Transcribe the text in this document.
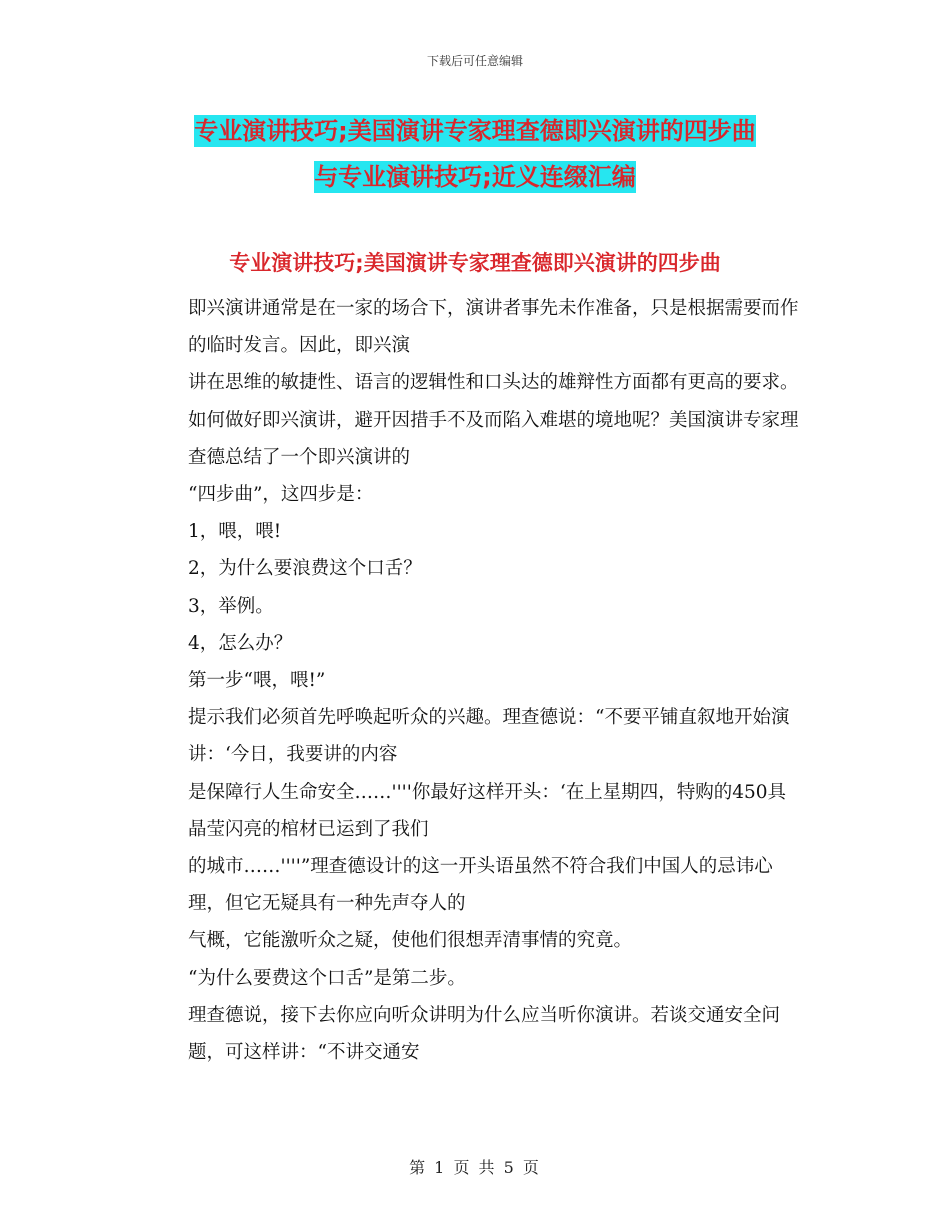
下载后可任意编辑
专业演讲技巧;美国演讲专家理查德即兴演讲的四步曲
与专业演讲技巧;近义连缀汇编
专业演讲技巧;美国演讲专家理查德即兴演讲的四步曲

即兴演讲通常是在一家的场合下，演讲者事先未作准备，只是根据需要而作的临时发言。因此，即兴演

讲在思维的敏捷性、语言的逻辑性和口头达的雄辩性方面都有更高的要求。

如何做好即兴演讲，避开因措手不及而陷入难堪的境地呢？美国演讲专家理查德总结了一个即兴演讲的

“四步曲”，这四步是：

1，喂，喂!

2，为什么要浪费这个口舌？

3，举例。

4，怎么办？

第一步“喂，喂!”

提示我们必须首先呼唤起听众的兴趣。理查德说：“不要平铺直叙地开始演讲：‘今日，我要讲的内容

是保障行人生命安全……''''你最好这样开头：‘在上星期四，特购的450具晶莹闪亮的棺材已运到了我们

的城市……''''”理查德设计的这一开头语虽然不符合我们中国人的忌讳心理，但它无疑具有一种先声夺人的

气概，它能激听众之疑，使他们很想弄清事情的究竟。

“为什么要费这个口舌”是第二步。

理查德说，接下去你应向听众讲明为什么应当听你演讲。若谈交通安全问题，可这样讲：“不讲交通安

第 1 页 共 5 页
